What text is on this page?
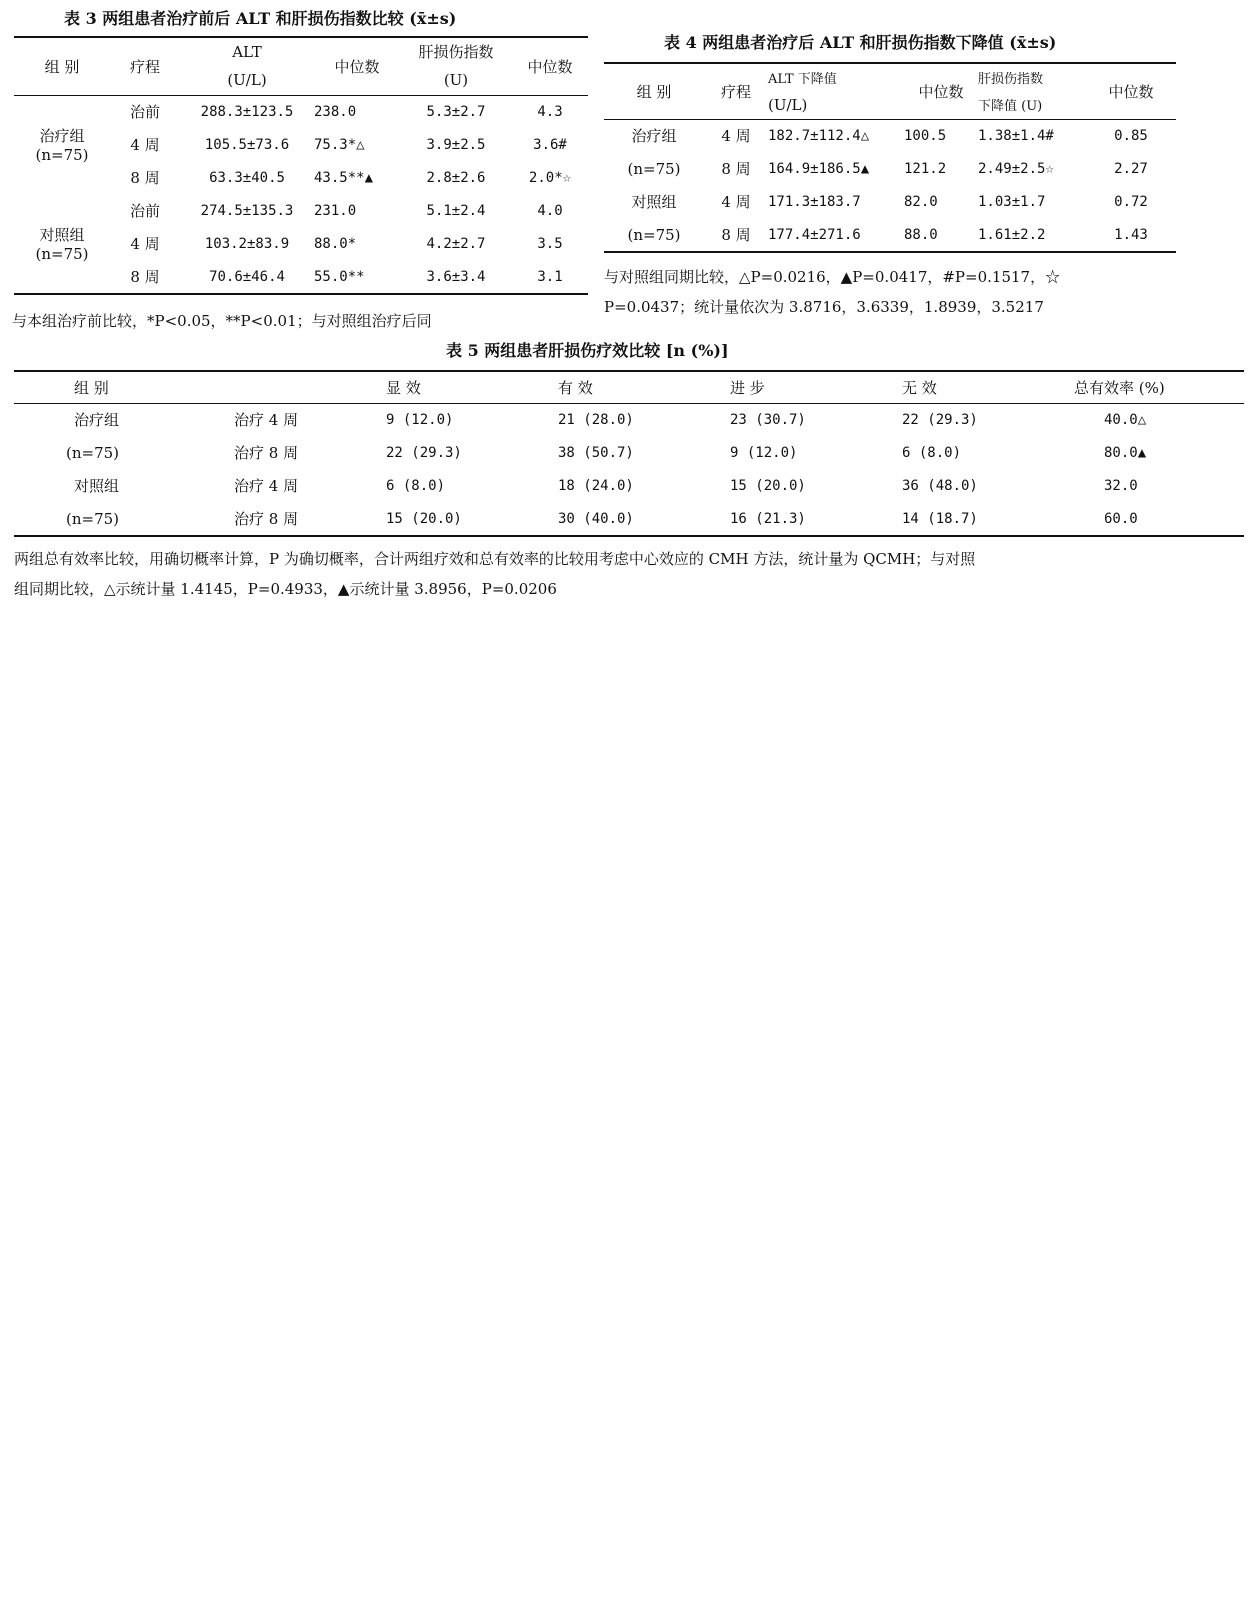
表 3 两组患者治疗前后 ALT 和肝损伤指数比较 (x̄±s)
组 别	疗程	ALT	中位数	肝损伤指数	中位数
		(U/L)		(U)	

治疗组
(n=75)	治前	288.3±123.5	238.0	5.3±2.7	4.3
	4 周	105.5±73.6	75.3*△	3.9±2.5	3.6#
	8 周	63.3±40.5	43.5**▲	2.8±2.6	2.0*☆

对照组
(n=75)	治前	274.5±135.3	231.0	5.1±2.4	4.0
	4 周	103.2±83.9	88.0*	4.2±2.7	3.5
	8 周	70.6±46.4	55.0**	3.6±3.4	3.1
与本组治疗前比较，*P<0.05，**P<0.01；与对照组治疗后同
表 4 两组患者治疗后 ALT 和肝损伤指数下降值 (x̄±s)
组 别	疗程	ALT 下降值	中位数	肝损伤指数	中位数
		(U/L)		下降值 (U)	
治疗组	4 周	182.7±112.4△	100.5	1.38±1.4#	0.85
(n=75)	8 周	164.9±186.5▲	121.2	2.49±2.5☆	2.27
对照组	4 周	171.3±183.7	82.0	1.03±1.7	0.72
(n=75)	8 周	177.4±271.6	88.0	1.61±2.2	1.43
与对照组同期比较，△P=0.0216，▲P=0.0417，#P=0.1517，☆
P=0.0437；统计量依次为 3.8716，3.6339，1.8939，3.5217
表 5 两组患者肝损伤疗效比较 [n (%)]
组 别		显 效	有 效	进 步	无 效	总有效率 (%)
治疗组	治疗 4 周	9 (12.0)	21 (28.0)	23 (30.7)	22 (29.3)	40.0△
(n=75)	治疗 8 周	22 (29.3)	38 (50.7)	9 (12.0)	6 (8.0)	80.0▲
对照组	治疗 4 周	6 (8.0)	18 (24.0)	15 (20.0)	36 (48.0)	32.0
(n=75)	治疗 8 周	15 (20.0)	30 (40.0)	16 (21.3)	14 (18.7)	60.0
两组总有效率比较，用确切概率计算，P 为确切概率，合计两组疗效和总有效率的比较用考虑中心效应的 CMH 方法，统计量为 QCMH；与对照
组同期比较，△示统计量 1.4145，P=0.4933，▲示统计量 3.8956，P=0.0206
